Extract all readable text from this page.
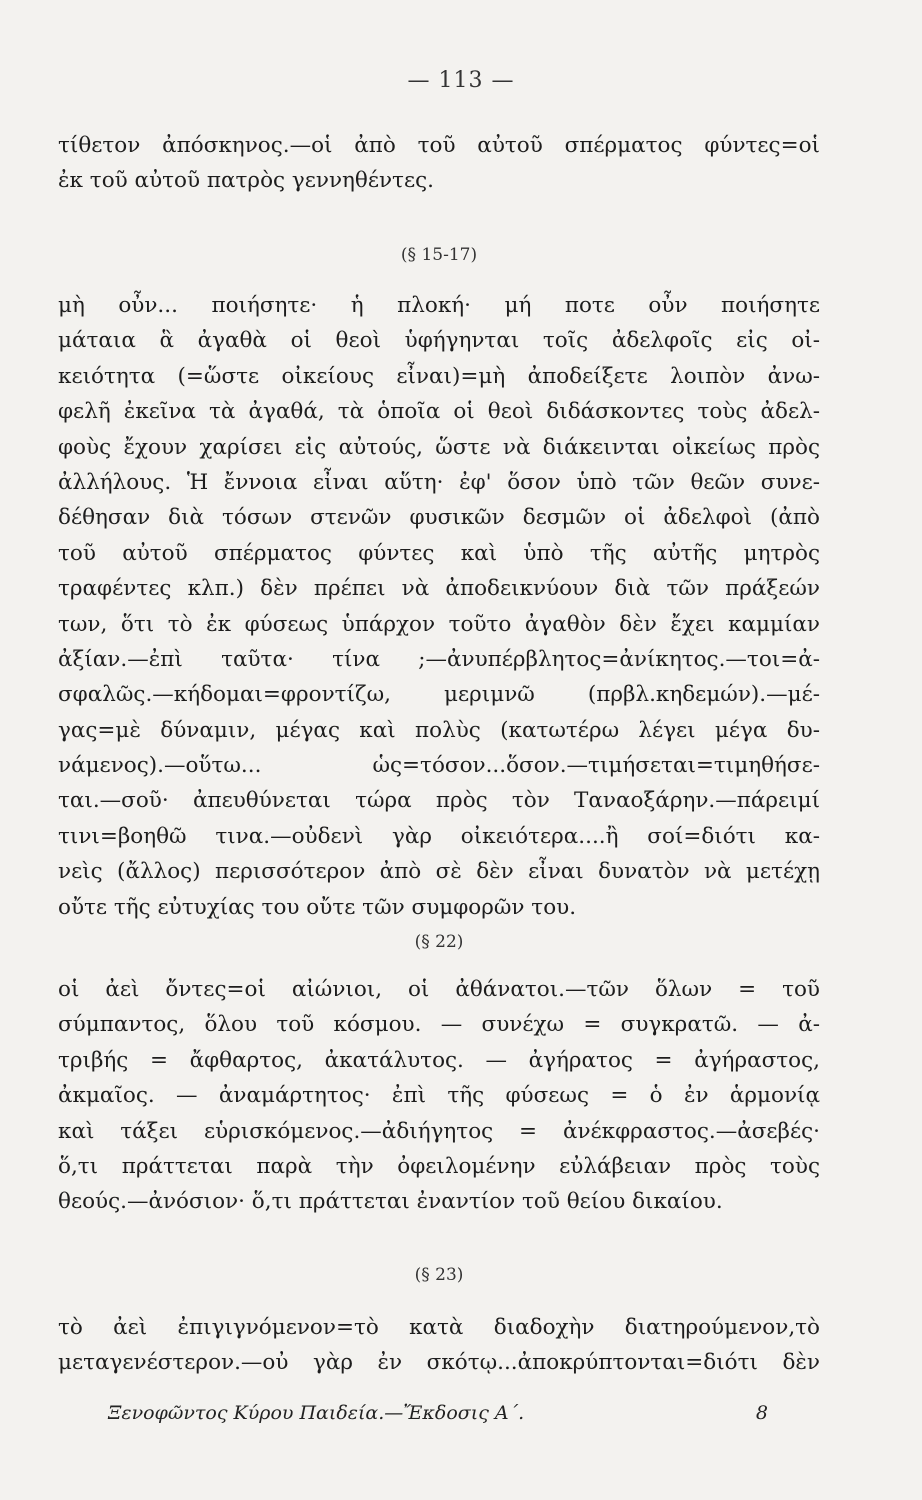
— 113 —
τίθετον ἀπόσκηνος.—οἱ ἀπὸ τοῦ αὐτοῦ σπέρματος φύντες=οἱ
ἐκ τοῦ αὐτοῦ πατρὸς γεννηθέντες.
(§ 15-17)
μὴ οὖν... ποιήσητε· ἡ πλοκή· μή ποτε οὖν ποιήσητε
μάταια ἃ ἀγαθὰ οἱ θεοὶ ὑφήγηνται τοῖς ἀδελφοῖς εἰς οἰ-
κειότητα (=ὥστε οἰκείους εἶναι)=μὴ ἀποδείξετε λοιπὸν ἀνω-
φελῆ ἐκεῖνα τὰ ἀγαθά, τὰ ὁποῖα οἱ θεοὶ διδάσκοντες τοὺς ἀδελ-
φοὺς ἔχουν χαρίσει εἰς αὐτούς, ὥστε νὰ διάκεινται οἰκείως πρὸς
ἀλλήλους. Ἡ ἔννοια εἶναι αὕτη· ἐφ' ὅσον ὑπὸ τῶν θεῶν συνε-
δέθησαν διὰ τόσων στενῶν φυσικῶν δεσμῶν οἱ ἀδελφοὶ (ἀπὸ
τοῦ αὐτοῦ σπέρματος φύντες καὶ ὑπὸ τῆς αὐτῆς μητρὸς
τραφέντες κλπ.) δὲν πρέπει νὰ ἀποδεικνύουν διὰ τῶν πράξεών
των, ὅτι τὸ ἐκ φύσεως ὑπάρχον τοῦτο ἀγαθὸν δὲν ἔχει καμμίαν
ἀξίαν.—ἐπὶ ταῦτα· τίνα ;—ἀνυπέρβλητος=ἀνίκητος.—τοι=ἀ-
σφαλῶς.—κήδομαι=φροντίζω, μεριμνῶ (πρβλ.κηδεμών).—μέ-
γας=μὲ δύναμιν, μέγας καὶ πολὺς (κατωτέρω λέγει μέγα δυ-
νάμενος).—οὕτω... ὡς=τόσον...ὅσον.—τιμήσεται=τιμηθήσε-
ται.—σοῦ· ἀπευθύνεται τώρα πρὸς τὸν Ταναοξάρην.—πάρειμί
τινι=βοηθῶ τινα.—οὐδενὶ γὰρ οἰκειότερα....ἢ σοί=διότι κα-
νεὶς (ἄλλος) περισσότερον ἀπὸ σὲ δὲν εἶναι δυνατὸν νὰ μετέχῃ
οὔτε τῆς εὐτυχίας του οὔτε τῶν συμφορῶν του.
(§ 22)
οἱ ἀεὶ ὄντες=οἱ αἰώνιοι, οἱ ἀθάνατοι.—τῶν ὅλων = τοῦ
σύμπαντος, ὅλου τοῦ κόσμου. — συνέχω = συγκρατῶ. — ἀ-
τριβής = ἄφθαρτος, ἀκατάλυτος. — ἀγήρατος = ἀγήραστος,
ἀκμαῖος. — ἀναμάρτητος· ἐπὶ τῆς φύσεως = ὁ ἐν ἁρμονίᾳ
καὶ τάξει εὑρισκόμενος.—ἀδιήγητος = ἀνέκφραστος.—ἀσεβές·
ὅ,τι πράττεται παρὰ τὴν ὀφειλομένην εὐλάβειαν πρὸς τοὺς
θεούς.—ἀνόσιον· ὅ,τι πράττεται ἐναντίον τοῦ θείου δικαίου.
(§ 23)
τὸ ἀεὶ ἐπιγιγνόμενον=τὸ κατὰ διαδοχὴν διατηρούμενον,τὸ
μεταγενέστερον.—οὐ γὰρ ἐν σκότῳ...ἀποκρύπτονται=διότι δὲν
Ξενοφῶντος Κύρου Παιδεία.—Ἔκδοσις Α΄.	8
